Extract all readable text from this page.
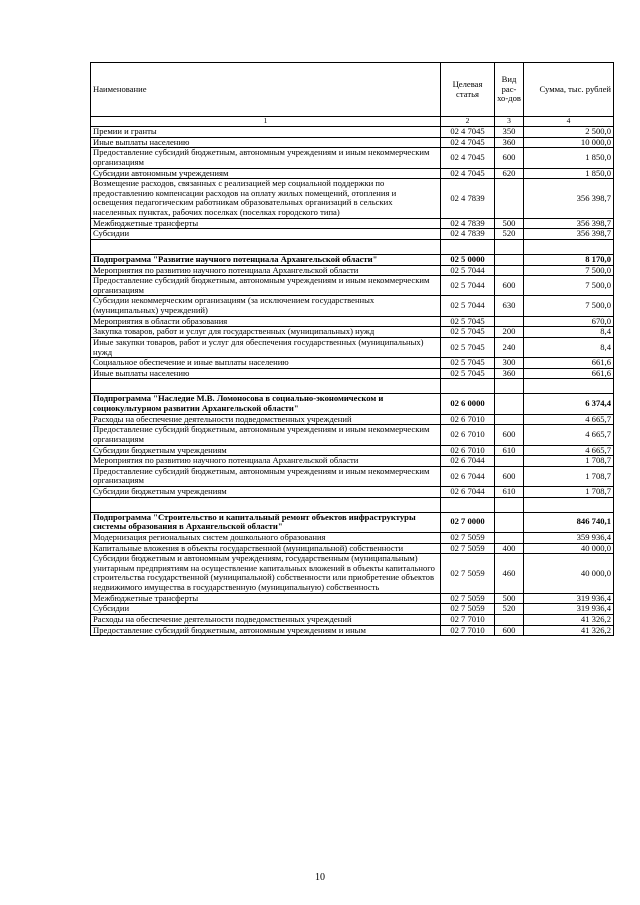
Наименование	Целевая статья	Вид рас-хо-дов	Сумма, тыс. рублей
1	2	3	4
Премии и гранты	02 4 7045	350	2 500,0
Иные выплаты населению	02 4 7045	360	10 000,0
Предоставление субсидий бюджетным, автономным учреждениям и иным некоммерческим организациям	02 4 7045	600	1 850,0
Субсидии автономным учреждениям	02 4 7045	620	1 850,0
Возмещение расходов, связанных с реализацией мер социальной поддержки по предоставлению компенсации расходов на оплату жилых помещений, отопления и освещения педагогическим работникам образовательных организаций в сельских населенных пунктах, рабочих поселках (поселках городского типа)	02 4 7839		356 398,7
Межбюджетные трансферты	02 4 7839	500	356 398,7
Субсидии	02 4 7839	520	356 398,7

Подпрограмма "Развитие научного потенциала Архангельской области"	02 5 0000		8 170,0
Мероприятия по развитию научного потенциала Архангельской области	02 5 7044		7 500,0
Предоставление субсидий бюджетным, автономным учреждениям и иным некоммерческим организациям	02 5 7044	600	7 500,0
Субсидии некоммерческим организациям (за исключением государственных (муниципальных) учреждений)	02 5 7044	630	7 500,0
Мероприятия в области образования	02 5 7045		670,0
Закупка товаров, работ и услуг для государственных (муниципальных) нужд	02 5 7045	200	8,4
Иные закупки товаров, работ и услуг для обеспечения государственных (муниципальных) нужд	02 5 7045	240	8,4
Социальное обеспечение и иные выплаты населению	02 5 7045	300	661,6
Иные выплаты населению	02 5 7045	360	661,6

Подпрограмма "Наследие М.В. Ломоносова в социально-экономическом и социокультурном развитии Архангельской области"	02 6 0000		6 374,4
Расходы на обеспечение деятельности подведомственных учреждений	02 6 7010		4 665,7
Предоставление субсидий бюджетным, автономным учреждениям и иным некоммерческим организациям	02 6 7010	600	4 665,7
Субсидии бюджетным учреждениям	02 6 7010	610	4 665,7
Мероприятия по развитию научного потенциала Архангельской области	02 6 7044		1 708,7
Предоставление субсидий бюджетным, автономным учреждениям и иным некоммерческим организациям	02 6 7044	600	1 708,7
Субсидии бюджетным учреждениям	02 6 7044	610	1 708,7

Подпрограмма "Строительство и капитальный ремонт объектов инфраструктуры системы образования в Архангельской области"	02 7 0000		846 740,1
Модернизация региональных систем дошкольного образования	02 7 5059		359 936,4
Капитальные вложения в объекты государственной (муниципальной) собственности	02 7 5059	400	40 000,0
Субсидии бюджетным и автономным учреждениям, государственным (муниципальным) унитарным предприятиям на осуществление капитальных вложений в объекты капитального строительства государственной (муниципальной) собственности или приобретение объектов недвижимого имущества в государственную (муниципальную) собственность	02 7 5059	460	40 000,0
Межбюджетные трансферты	02 7 5059	500	319 936,4
Субсидии	02 7 5059	520	319 936,4
Расходы на обеспечение деятельности подведомственных учреждений	02 7 7010		41 326,2
Предоставление субсидий бюджетным, автономным учреждениям и иным	02 7 7010	600	41 326,2
10
